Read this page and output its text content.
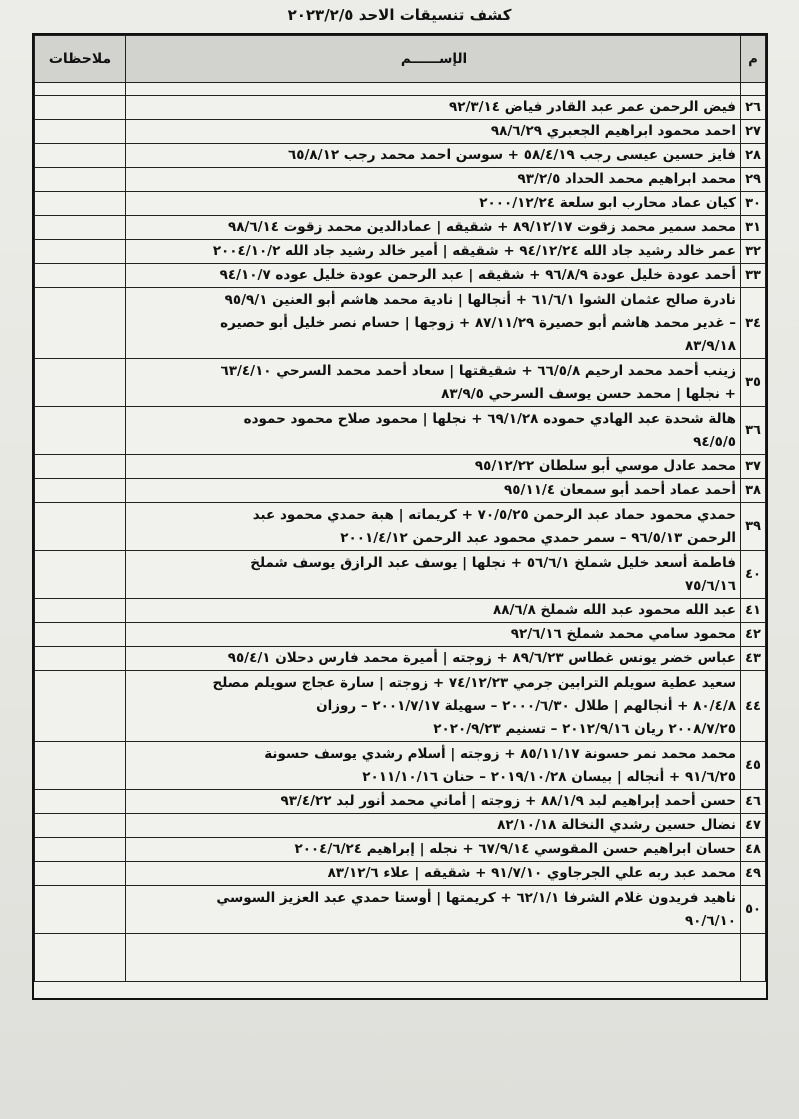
كشف تنسيقات الاحد ٢٠٢٣/٢/٥
م	الإســــــم	ملاحظات

٢٦	فيض الرحمن عمر عبد القادر فياض ٩٢/٣/١٤	

٢٧	احمد محمود ابراهيم الجعبري ٩٨/٦/٢٩	

٢٨	فايز حسين عيسى رجب ٥٨/٤/١٩ + سوسن احمد محمد رجب ٦٥/٨/١٢	

٢٩	محمد ابراهيم محمد الحداد ٩٣/٢/٥	

٣٠	كيان عماد محارب ابو سلعة ٢٠٠٠/١٢/٢٤	

٣١	محمد سمير محمد زقوت ٨٩/١٢/١٧ + شقيقه | عمادالدين محمد زقوت ٩٨/٦/١٤	

٣٢	عمر خالد رشيد جاد الله ٩٤/١٢/٢٤ + شقيقه | أمير خالد رشيد جاد الله ٢٠٠٤/١٠/٢	

٣٣	أحمد عودة خليل عودة ٩٦/٨/٩ + شقيقه | عبد الرحمن عودة خليل عوده ٩٤/١٠/٧	

٣٤	نادرة صالح عثمان الشوا ٦١/٦/١ + أنجالها | نادية محمد هاشم أبو العنين ٩٥/٩/١
– غدير محمد هاشم أبو حصيرة ٨٧/١١/٢٩ + زوجها | حسام نصر خليل أبو حصيره
٨٣/٩/١٨	

٣٥	زينب أحمد محمد ارحيم ٦٦/٥/٨ + شقيقتها | سعاد أحمد محمد السرحي ٦٣/٤/١٠
+ نجلها | محمد حسن يوسف السرحي ٨٣/٩/٥	

٣٦	هالة شحدة عبد الهادي حموده ٦٩/١/٢٨ + نجلها | محمود صلاح محمود حموده
٩٤/٥/٥	

٣٧	محمد عادل موسي أبو سلطان ٩٥/١٢/٢٢	

٣٨	أحمد عماد أحمد أبو سمعان ٩٥/١١/٤	

٣٩	حمدي محمود حماد عبد الرحمن ٧٠/٥/٢٥ + كريماته | هبة حمدي محمود عبد
الرحمن ٩٦/٥/١٣ – سمر حمدي محمود عبد الرحمن ٢٠٠١/٤/١٢	

٤٠	فاطمة أسعد خليل شملخ ٥٦/٦/١ + نجلها | يوسف عبد الرازق يوسف شملخ
٧٥/٦/١٦	

٤١	عبد الله محمود عبد الله شملخ ٨٨/٦/٨	

٤٢	محمود سامي محمد شملخ ٩٢/٦/١٦	

٤٣	عباس خضر يونس غطاس ٨٩/٦/٢٣ + زوجته | أميرة محمد فارس دحلان ٩٥/٤/١	

٤٤	سعيد عطية سويلم الترابين جرمي ٧٤/١٢/٢٣ + زوجته | سارة عجاج سويلم مصلح
٨٠/٤/٨ + أنجالهم | طلال ٢٠٠٠/٦/٣٠ – سهيلة ٢٠٠١/٧/١٧ – روزان
٢٠٠٨/٧/٢٥ ريان ٢٠١٢/٩/١٦ – تسنيم ٢٠٢٠/٩/٢٣	

٤٥	محمد محمد نمر حسونة ٨٥/١١/١٧ + زوجته | أسلام رشدي يوسف حسونة
٩١/٦/٢٥ + أنجاله | بيسان ٢٠١٩/١٠/٢٨ – حنان ٢٠١١/١٠/١٦	

٤٦	حسن أحمد إبراهيم لبد ٨٨/١/٩ + زوجته | أماني محمد أنور لبد ٩٣/٤/٢٢	

٤٧	نضال حسين رشدي النخالة ٨٢/١٠/١٨	

٤٨	حسان ابراهيم حسن المقوسي ٦٧/٩/١٤ + نجله | إبراهيم ٢٠٠٤/٦/٢٤	

٤٩	محمد عبد ربه علي الجرجاوي ٩١/٧/١٠ + شقيقه | علاء ٨٣/١٢/٦	

٥٠	ناهيد فريدون غلام الشرفا ٦٢/١/١ + كريمتها | أوستا حمدي عبد العزيز السوسي
٩٠/٦/١٠	
